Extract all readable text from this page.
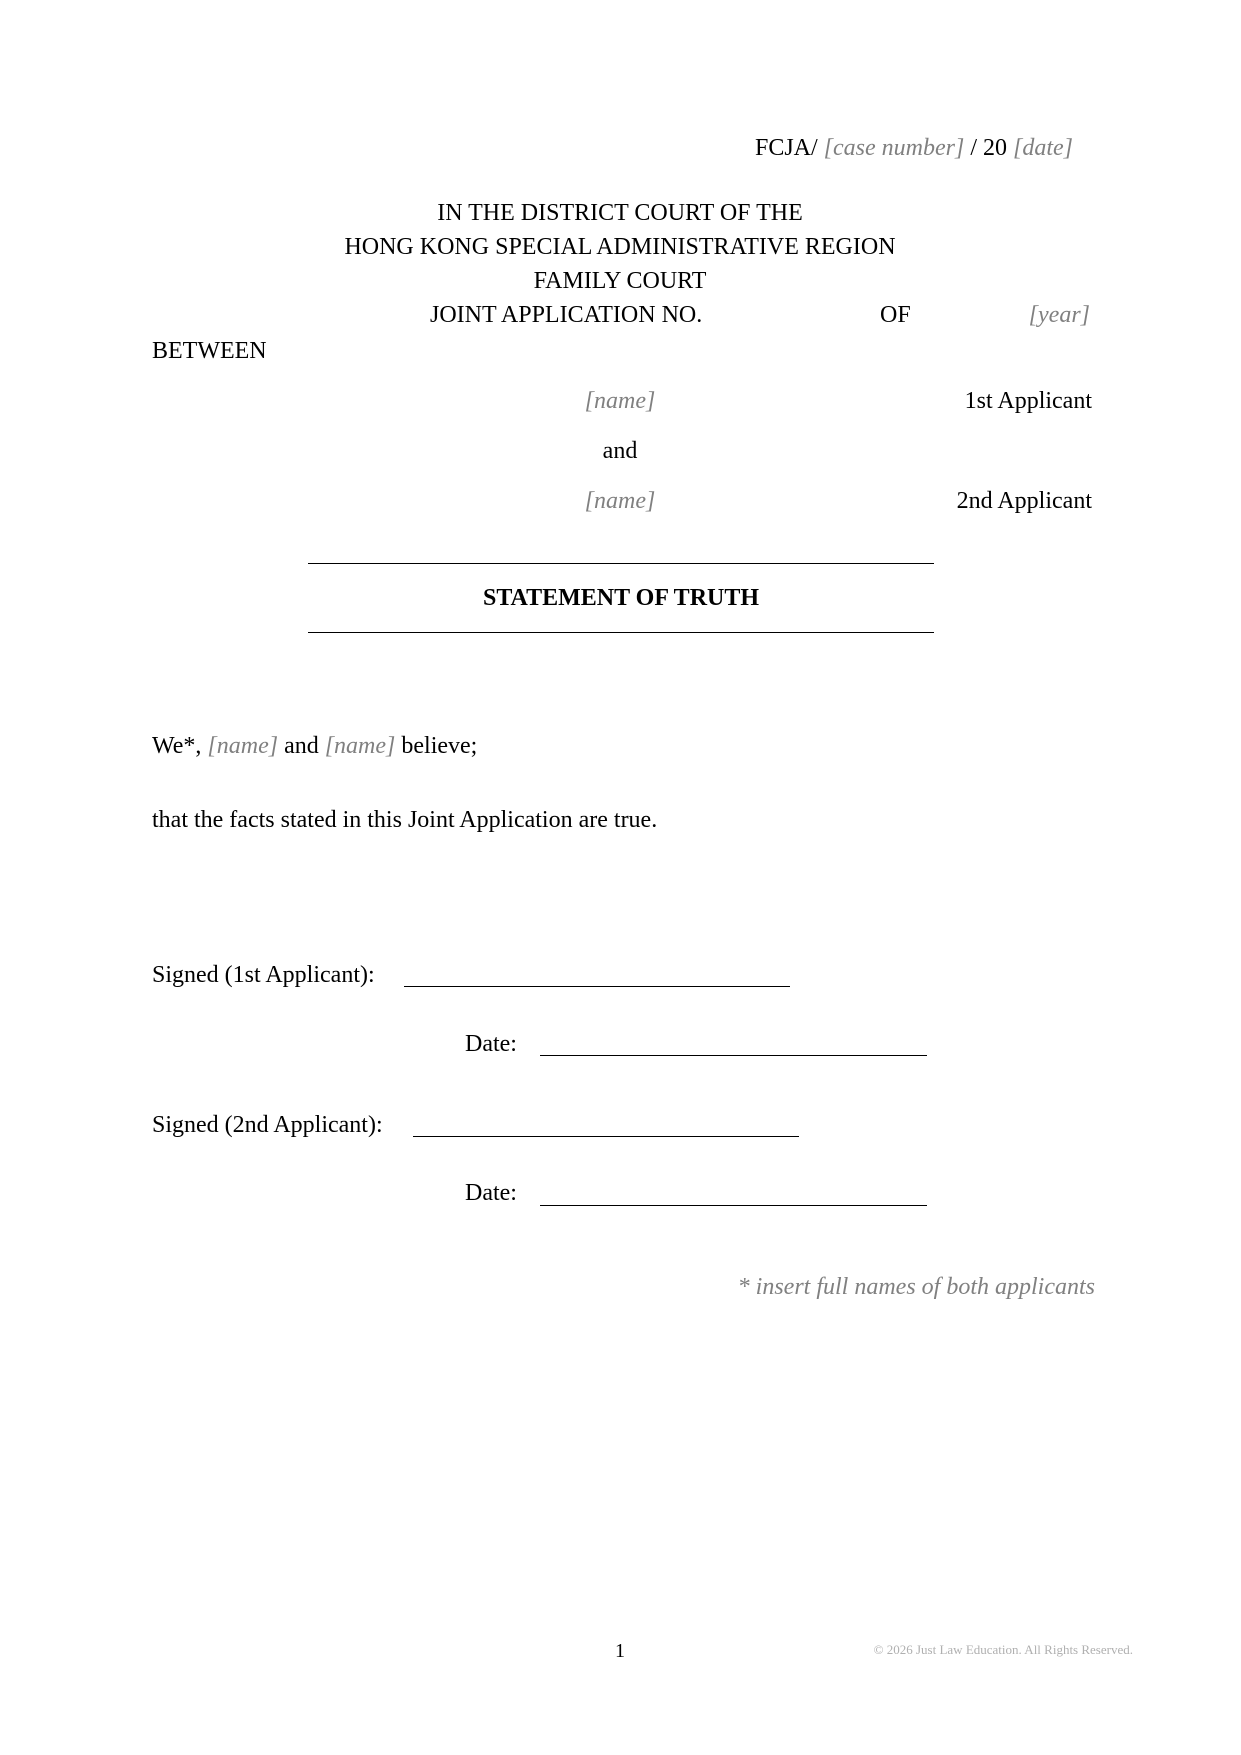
FCJA/ [case number] / 20 [date]
IN THE DISTRICT COURT OF THE
HONG KONG SPECIAL ADMINISTRATIVE REGION
FAMILY COURT
JOINT APPLICATION NO.	OF	[year]
BETWEEN
[name]	1st Applicant
and
[name]	2nd Applicant
STATEMENT OF TRUTH
We*, [name] and [name] believe;
that the facts stated in this Joint Application are true.
Signed (1st Applicant):
Date:
Signed (2nd Applicant):
Date:
* insert full names of both applicants
1	© 2026 Just Law Education. All Rights Reserved.
